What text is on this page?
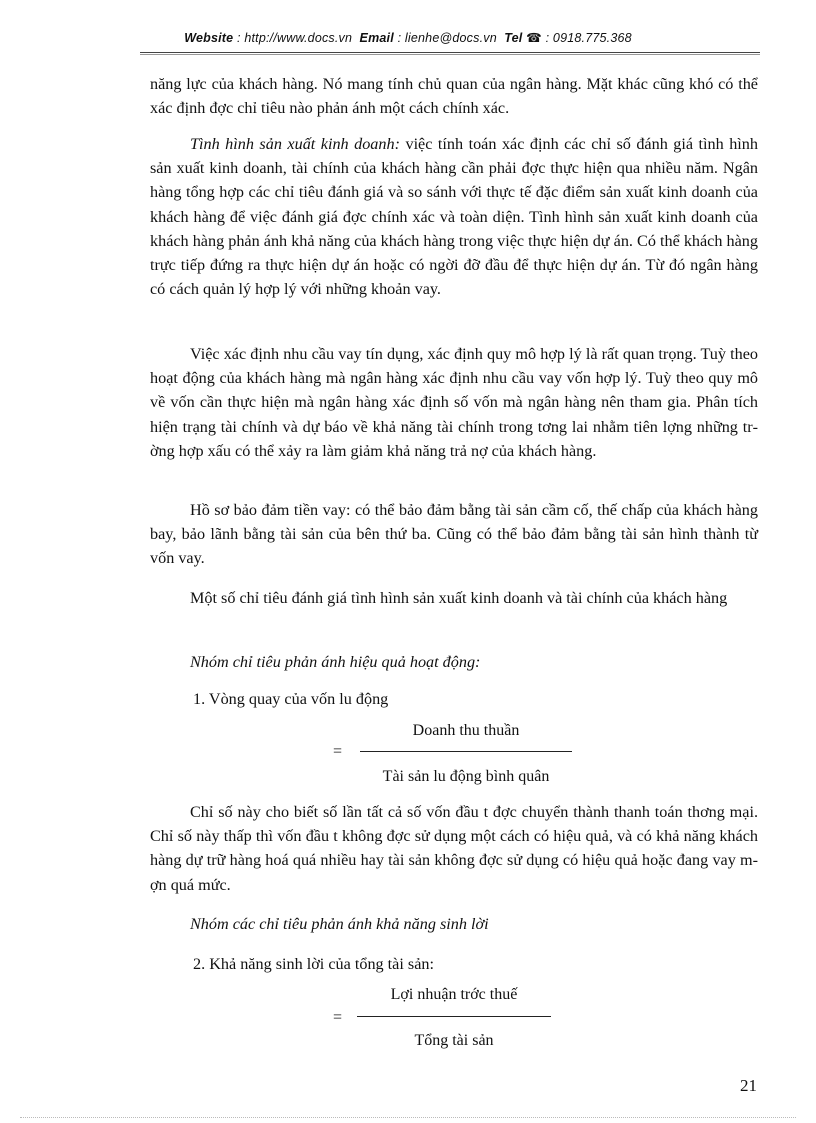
Website : http://www.docs.vn Email : lienhe@docs.vn Tel ☎ : 0918.775.368

năng lực của khách hàng. Nó mang tính chủ quan của ngân hàng. Mặt khác cũng khó có thể xác định đợc chỉ tiêu nào phản ánh một cách chính xác.

Tình hình sản xuất kinh doanh: việc tính toán xác định các chỉ số đánh giá tình hình sản xuất kinh doanh, tài chính của khách hàng cần phải đợc thực hiện qua nhiều năm. Ngân hàng tổng hợp các chỉ tiêu đánh giá và so sánh với thực tế đặc điểm sản xuất kinh doanh của khách hàng để việc đánh giá đợc chính xác và toàn diện. Tình hình sản xuất kinh doanh của khách hàng phản ánh khả năng của khách hàng trong việc thực hiện dự án. Có thể khách hàng trực tiếp đứng ra thực hiện dự án hoặc có ngời đỡ đầu để thực hiện dự án. Từ đó ngân hàng có cách quản lý hợp lý với những khoản vay.

Việc xác định nhu cầu vay tín dụng, xác định quy mô hợp lý là rất quan trọng. Tuỳ theo hoạt động của khách hàng mà ngân hàng xác định nhu cầu vay vốn hợp lý. Tuỳ theo quy mô về vốn cần thực hiện mà ngân hàng xác định số vốn mà ngân hàng nên tham gia. Phân tích hiện trạng tài chính và dự báo về khả năng tài chính trong tơng lai nhằm tiên lợng những trờng hợp xấu có thể xảy ra làm giảm khả năng trả nợ của khách hàng.

Hồ sơ bảo đảm tiền vay: có thể bảo đảm bằng tài sản cầm cố, thế chấp của khách hàng bay, bảo lãnh bằng tài sản của bên thứ ba. Cũng có thể bảo đảm bằng tài sản hình thành từ vốn vay.

Một số chỉ tiêu đánh giá tình hình sản xuất kinh doanh và tài chính của khách hàng

Nhóm chỉ tiêu phản ánh hiệu quả hoạt động:

1. Vòng quay của vốn lu động

Doanh thu thuần
=
Tài sản lu động bình quân

Chỉ số này cho biết số lần tất cả số vốn đầu t đợc chuyển thành thanh toán thơng mại. Chỉ số này thấp thì vốn đầu t không đợc sử dụng một cách có hiệu quả, và có khả năng khách hàng dự trữ hàng hoá quá nhiều hay tài sản không đợc sử dụng có hiệu quả hoặc đang vay mợn quá mức.

Nhóm các chỉ tiêu phản ánh khả năng sinh lời

2. Khả năng sinh lời của tổng tài sản:

Lợi nhuận trớc thuế
=
Tổng tài sản
21
